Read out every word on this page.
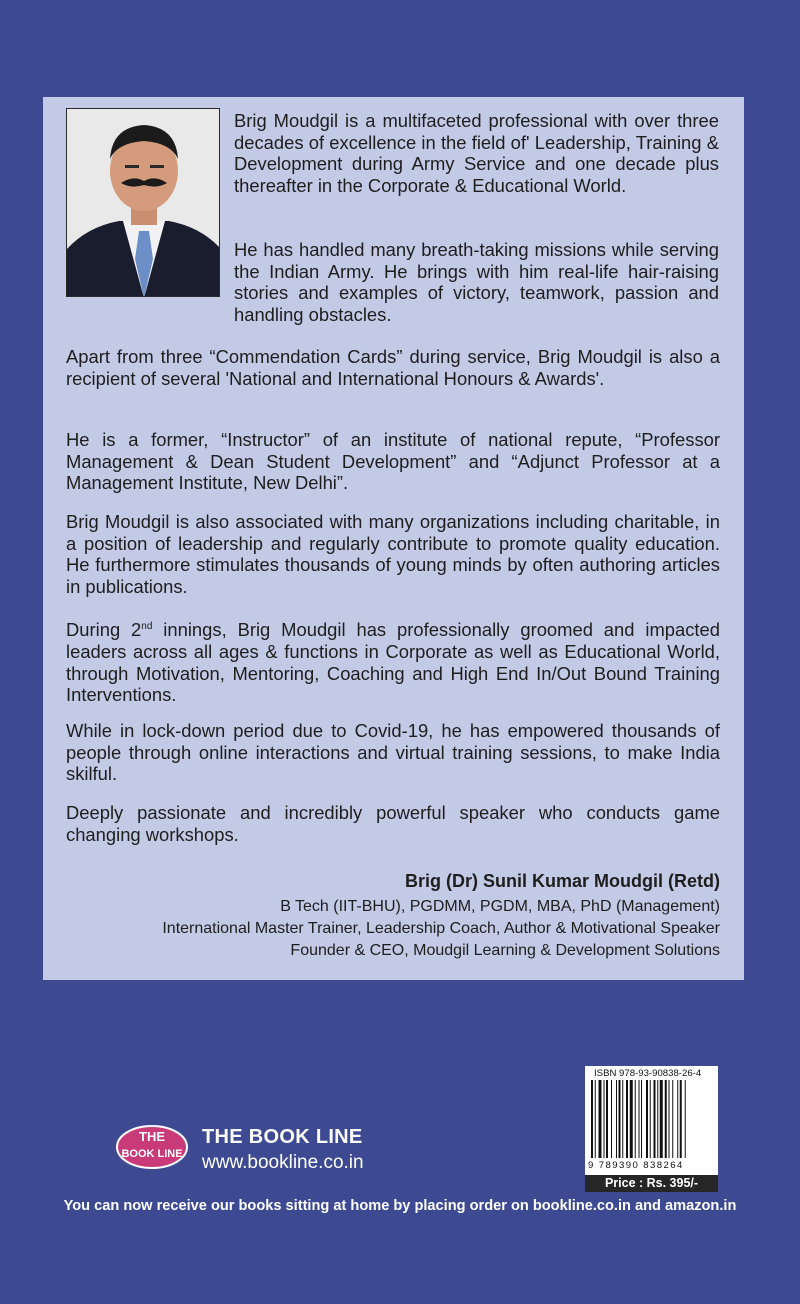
Brig Moudgil is a multifaceted professional with over three decades of excellence in the field of' Leadership, Training & Development during Army Service and one decade plus thereafter in the Corporate & Educational World.

He has handled many breath-taking missions while serving the Indian Army. He brings with him real-life hair-raising stories and examples of victory, teamwork, passion and handling obstacles.

Apart from three “Commendation Cards” during service, Brig Moudgil is also a recipient of several 'National and International Honours & Awards'.

He is a former, “Instructor” of an institute of national repute, “Professor Management & Dean Student Development” and “Adjunct Professor at a Management Institute, New Delhi”.

Brig Moudgil is also associated with many organizations including charitable, in a position of leadership and regularly contribute to promote quality education. He furthermore stimulates thousands of young minds by often authoring articles in publications.

During 2nd innings, Brig Moudgil has professionally groomed and impacted leaders across all ages & functions in Corporate as well as Educational World, through Motivation, Mentoring, Coaching and High End In/Out Bound Training Interventions.

While in lock-down period due to Covid-19, he has empowered thousands of people through online interactions and virtual training sessions, to make India skilful.

Deeply passionate and incredibly powerful speaker who conducts game changing workshops.

Brig (Dr) Sunil Kumar Moudgil (Retd)

B Tech (IIT-BHU), PGDMM, PGDM, MBA, PhD (Management)

International Master Trainer, Leadership Coach, Author & Motivational Speaker

Founder & CEO, Moudgil Learning & Development Solutions

THE
BOOK LINE

THE BOOK LINE

www.bookline.co.in

ISBN 978-93-90838-26-4

9 789390 838264

Price : Rs. 395/-

You can now receive our books sitting at home by placing order on bookline.co.in and amazon.in
